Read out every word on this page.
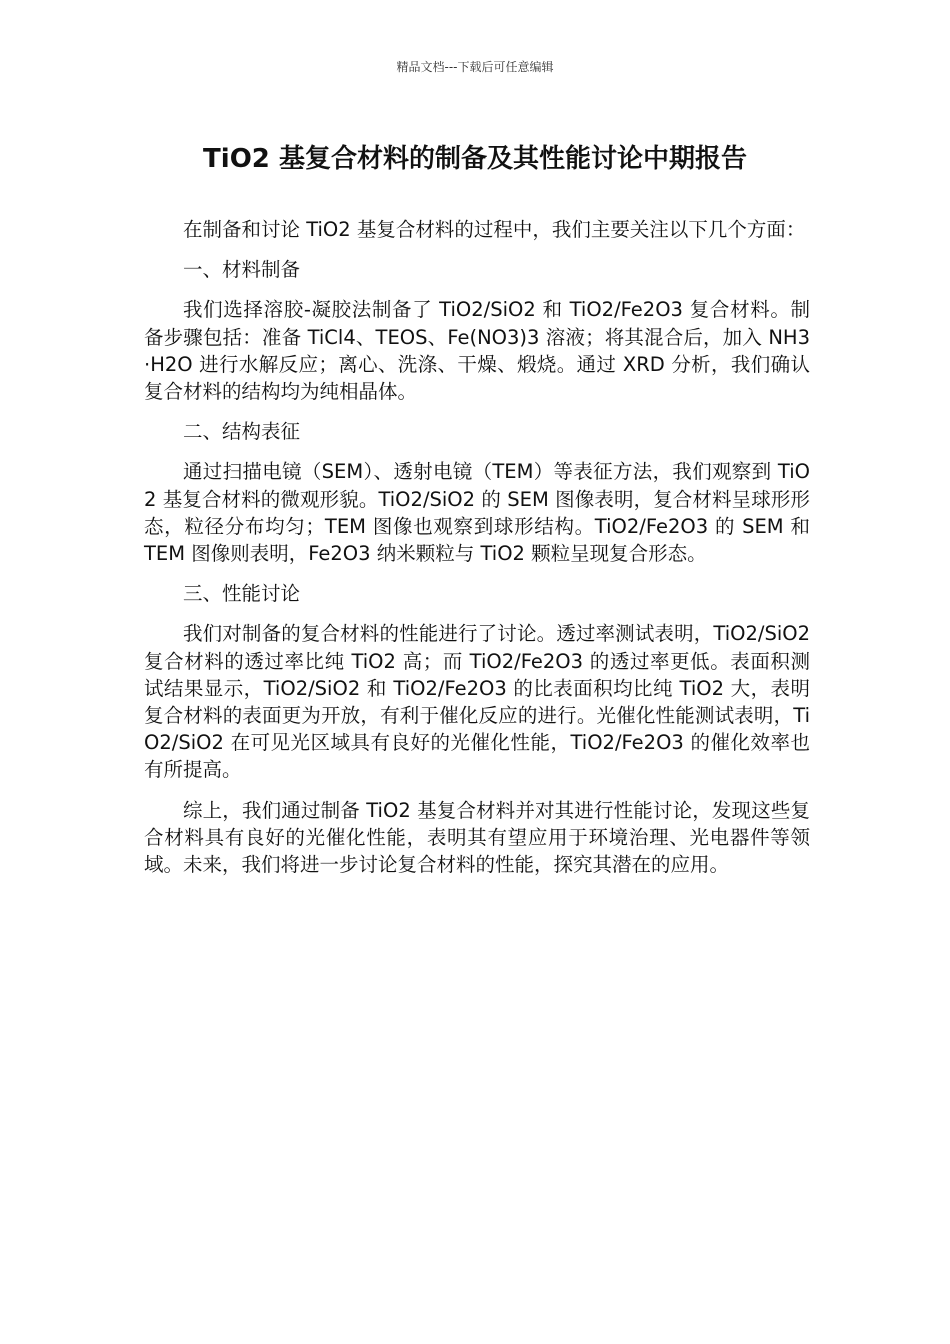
精品文档---下载后可任意编辑
TiO2 基复合材料的制备及其性能讨论中期报告

在制备和讨论 TiO2 基复合材料的过程中，我们主要关注以下几个方面：

一、材料制备

我们选择溶胶-凝胶法制备了 TiO2/SiO2 和 TiO2/Fe2O3 复合材料。制备步骤包括：准备 TiCl4、TEOS、Fe(NO3)3 溶液；将其混合后，加入 NH3·H2O 进行水解反应；离心、洗涤、干燥、煅烧。通过 XRD 分析，我们确认复合材料的结构均为纯相晶体。

二、结构表征

通过扫描电镜（SEM）、透射电镜（TEM）等表征方法，我们观察到 TiO2 基复合材料的微观形貌。TiO2/SiO2 的 SEM 图像表明，复合材料呈球形形态，粒径分布均匀；TEM 图像也观察到球形结构。TiO2/Fe2O3 的 SEM 和 TEM 图像则表明，Fe2O3 纳米颗粒与 TiO2 颗粒呈现复合形态。

三、性能讨论

我们对制备的复合材料的性能进行了讨论。透过率测试表明，TiO2/SiO2 复合材料的透过率比纯 TiO2 高；而 TiO2/Fe2O3 的透过率更低。表面积测试结果显示，TiO2/SiO2 和 TiO2/Fe2O3 的比表面积均比纯 TiO2 大，表明复合材料的表面更为开放，有利于催化反应的进行。光催化性能测试表明，TiO2/SiO2 在可见光区域具有良好的光催化性能，TiO2/Fe2O3 的催化效率也有所提高。

综上，我们通过制备 TiO2 基复合材料并对其进行性能讨论，发现这些复合材料具有良好的光催化性能，表明其有望应用于环境治理、光电器件等领域。未来，我们将进一步讨论复合材料的性能，探究其潜在的应用。
